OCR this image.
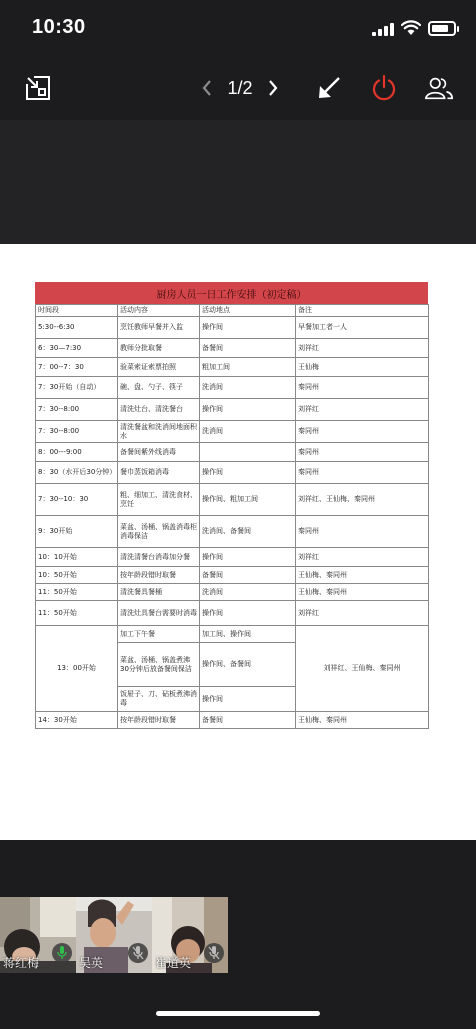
10:30
1/2
厨房人员一日工作安排（初定稿）
时间段	活动内容	活动地点	备注
5:30--6:30	烹饪教师早餐并入监	操作间	早餐加工者一人
6：30—7:30	教师分批取餐	备餐间	刘祥红
7：00--7：30	验菜索证索票拍照	粗加工间	王仙梅
7：30开始（自动）	碗、盘、勺子、筷子	洗消间	秦同州
7：30--8:00	清洗灶台、清洗餐台	操作间	刘祥红
7：30--8:00	清洗餐盆和洗消间地面积水	洗消间	秦同州
8：00---9:00	备餐间紫外线消毒		秦同州
8：30（水开后30分钟）	餐巾蒸饭箱消毒	操作间	秦同州
7：30--10：30	粗、细加工、清洗食材、烹饪	操作间、粗加工间	刘祥红、王仙梅、秦同州
9：30开始	菜盆、汤桶、锅盖消毒柜消毒保洁	洗消间、备餐间	秦同州
10：10开始	清洗清餐台消毒加分餐	操作间	刘祥红
10：50开始	按年龄段错时取餐	备餐间	王仙梅、秦同州
11：50开始	清洗餐具餐桶	洗消间	王仙梅、秦同州
11：50开始	清洗灶具餐台需要时消毒	操作间	刘祥红
13：00开始	加工下午餐	加工间、操作间	刘祥红、王仙梅、秦同州
	菜盆、汤桶、锅盖煮沸30分钟后放备餐间保洁	操作间、备餐间	
	饭屉子、刀、砧板煮沸消毒	操作间	
14：30开始	按年龄段错时取餐	备餐间	王仙梅、秦同州
蒋红梅	吴英	崔道英
